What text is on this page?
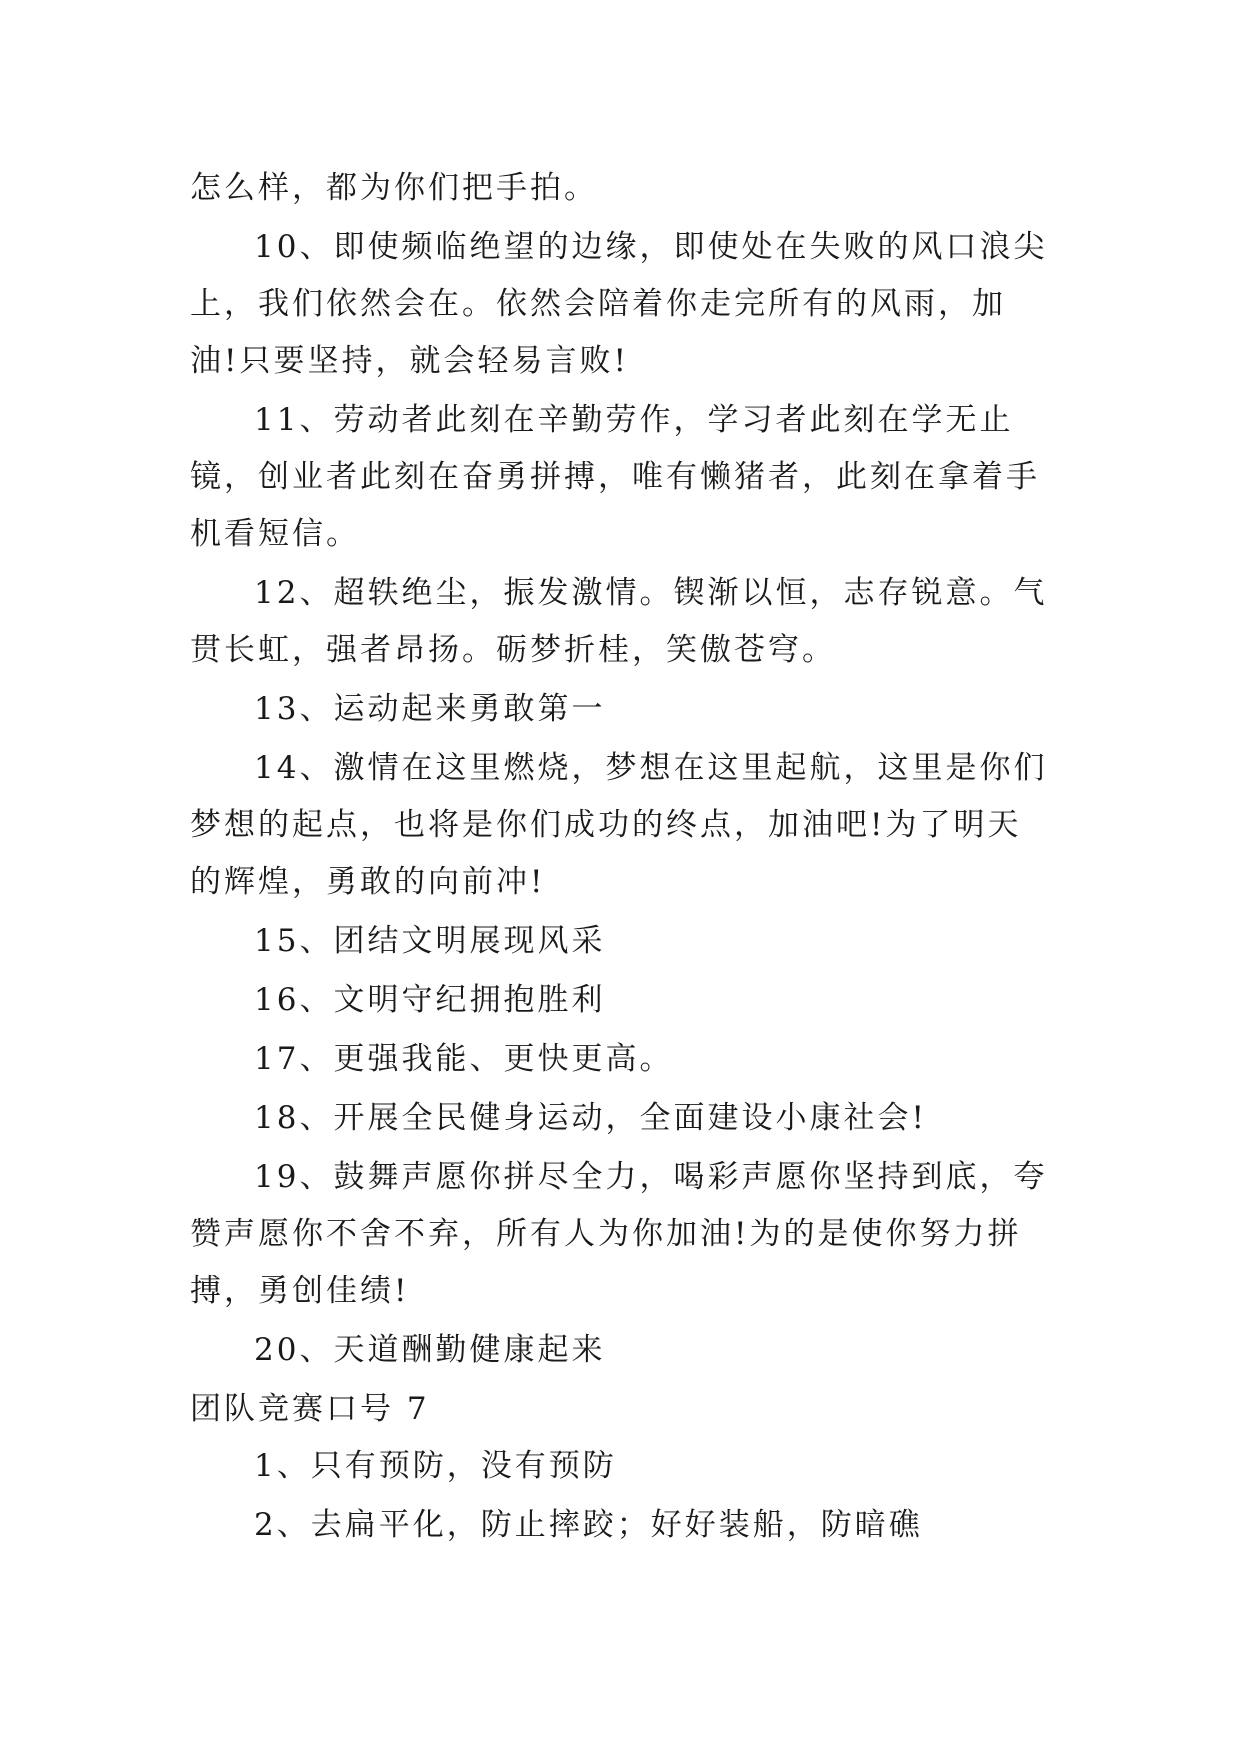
怎么样，都为你们把手拍。

10、即使频临绝望的边缘，即使处在失败的风口浪尖上，我们依然会在。依然会陪着你走完所有的风雨，加油!只要坚持，就会轻易言败!

11、劳动者此刻在辛勤劳作，学习者此刻在学无止镜，创业者此刻在奋勇拼搏，唯有懒猪者，此刻在拿着手机看短信。

12、超轶绝尘，振发激情。锲渐以恒，志存锐意。气贯长虹，强者昂扬。砺梦折桂，笑傲苍穹。

13、运动起来勇敢第一

14、激情在这里燃烧，梦想在这里起航，这里是你们梦想的起点，也将是你们成功的终点，加油吧!为了明天的辉煌，勇敢的向前冲!

15、团结文明展现风采

16、文明守纪拥抱胜利

17、更强我能、更快更高。

18、开展全民健身运动，全面建设小康社会!

19、鼓舞声愿你拼尽全力，喝彩声愿你坚持到底，夸赞声愿你不舍不弃，所有人为你加油!为的是使你努力拼搏，勇创佳绩!

20、天道酬勤健康起来

团队竞赛口号 7

1、只有预防，没有预防

2、去扁平化，防止摔跤；好好装船，防暗礁
